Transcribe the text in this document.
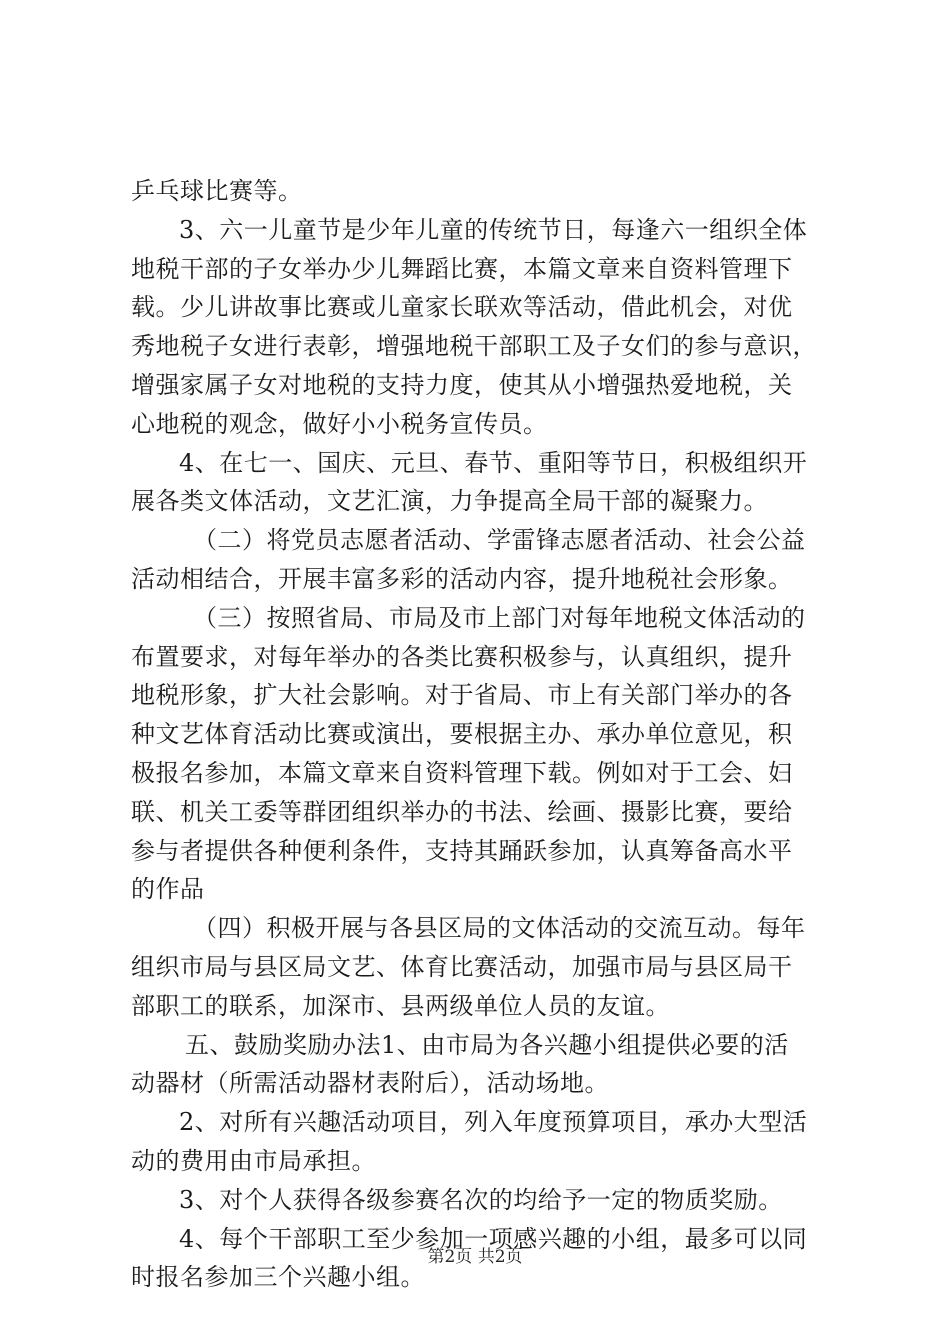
乒乓球比赛等。
3、六一儿童节是少年儿童的传统节日，每逢六一组织全体
地税干部的子女举办少儿舞蹈比赛，本篇文章来自资料管理下
载。少儿讲故事比赛或儿童家长联欢等活动，借此机会，对优
秀地税子女进行表彰，增强地税干部职工及子女们的参与意识，
增强家属子女对地税的支持力度，使其从小增强热爱地税，关
心地税的观念，做好小小税务宣传员。
4、在七一、国庆、元旦、春节、重阳等节日，积极组织开
展各类文体活动，文艺汇演，力争提高全局干部的凝聚力。
（二）将党员志愿者活动、学雷锋志愿者活动、社会公益
活动相结合，开展丰富多彩的活动内容，提升地税社会形象。
（三）按照省局、市局及市上部门对每年地税文体活动的
布置要求，对每年举办的各类比赛积极参与，认真组织，提升
地税形象，扩大社会影响。对于省局、市上有关部门举办的各
种文艺体育活动比赛或演出，要根据主办、承办单位意见，积
极报名参加，本篇文章来自资料管理下载。例如对于工会、妇
联、机关工委等群团组织举办的书法、绘画、摄影比赛，要给
参与者提供各种便利条件，支持其踊跃参加，认真筹备高水平
的作品
（四）积极开展与各县区局的文体活动的交流互动。每年
组织市局与县区局文艺、体育比赛活动，加强市局与县区局干
部职工的联系，加深市、县两级单位人员的友谊。
五、鼓励奖励办法1、由市局为各兴趣小组提供必要的活
动器材（所需活动器材表附后），活动场地。
2、对所有兴趣活动项目，列入年度预算项目，承办大型活
动的费用由市局承担。
3、对个人获得各级参赛名次的均给予一定的物质奖励。
4、每个干部职工至少参加一项感兴趣的小组，最多可以同
时报名参加三个兴趣小组。
第2页 共2页
